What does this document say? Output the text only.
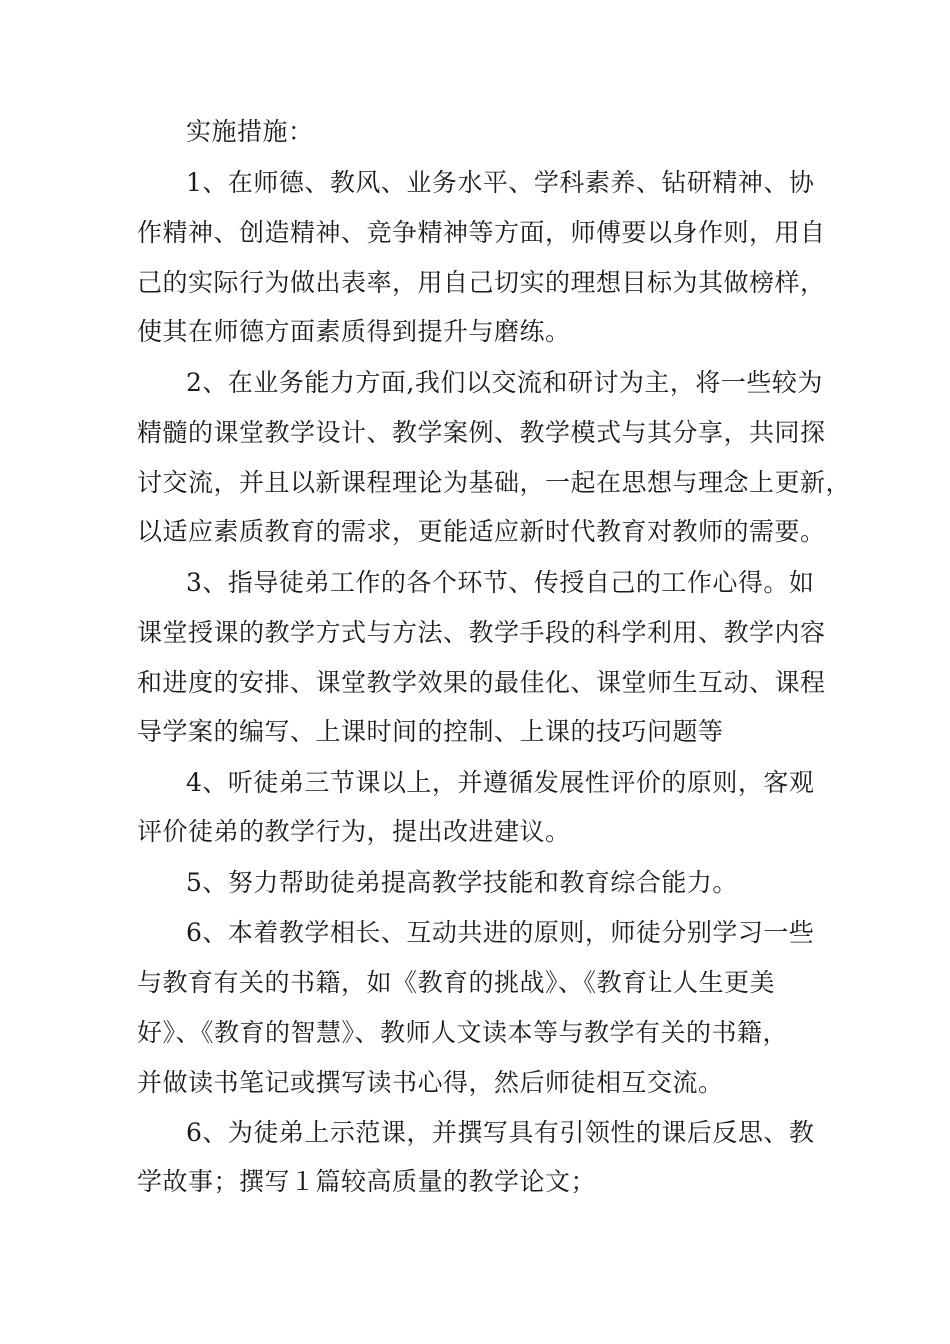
实施措施：
1、在师德、教风、业务水平、学科素养、钻研精神、协
作精神、创造精神、竞争精神等方面，师傅要以身作则，用自
己的实际行为做出表率，用自己切实的理想目标为其做榜样，
使其在师德方面素质得到提升与磨练。
2、在业务能力方面,我们以交流和研讨为主，将一些较为
精髓的课堂教学设计、教学案例、教学模式与其分享，共同探
讨交流，并且以新课程理论为基础，一起在思想与理念上更新，
以适应素质教育的需求，更能适应新时代教育对教师的需要。
3、指导徒弟工作的各个环节、传授自己的工作心得。如
课堂授课的教学方式与方法、教学手段的科学利用、教学内容
和进度的安排、课堂教学效果的最佳化、课堂师生互动、课程
导学案的编写、上课时间的控制、上课的技巧问题等
4、听徒弟三节课以上，并遵循发展性评价的原则，客观
评价徒弟的教学行为，提出改进建议。
5、努力帮助徒弟提高教学技能和教育综合能力。
6、本着教学相长、互动共进的原则，师徒分别学习一些
与教育有关的书籍，如《教育的挑战》、《教育让人生更美
好》、《教育的智慧》、教师人文读本等与教学有关的书籍，
并做读书笔记或撰写读书心得，然后师徒相互交流。
6、为徒弟上示范课，并撰写具有引领性的课后反思、教
学故事；撰写１篇较高质量的教学论文；
